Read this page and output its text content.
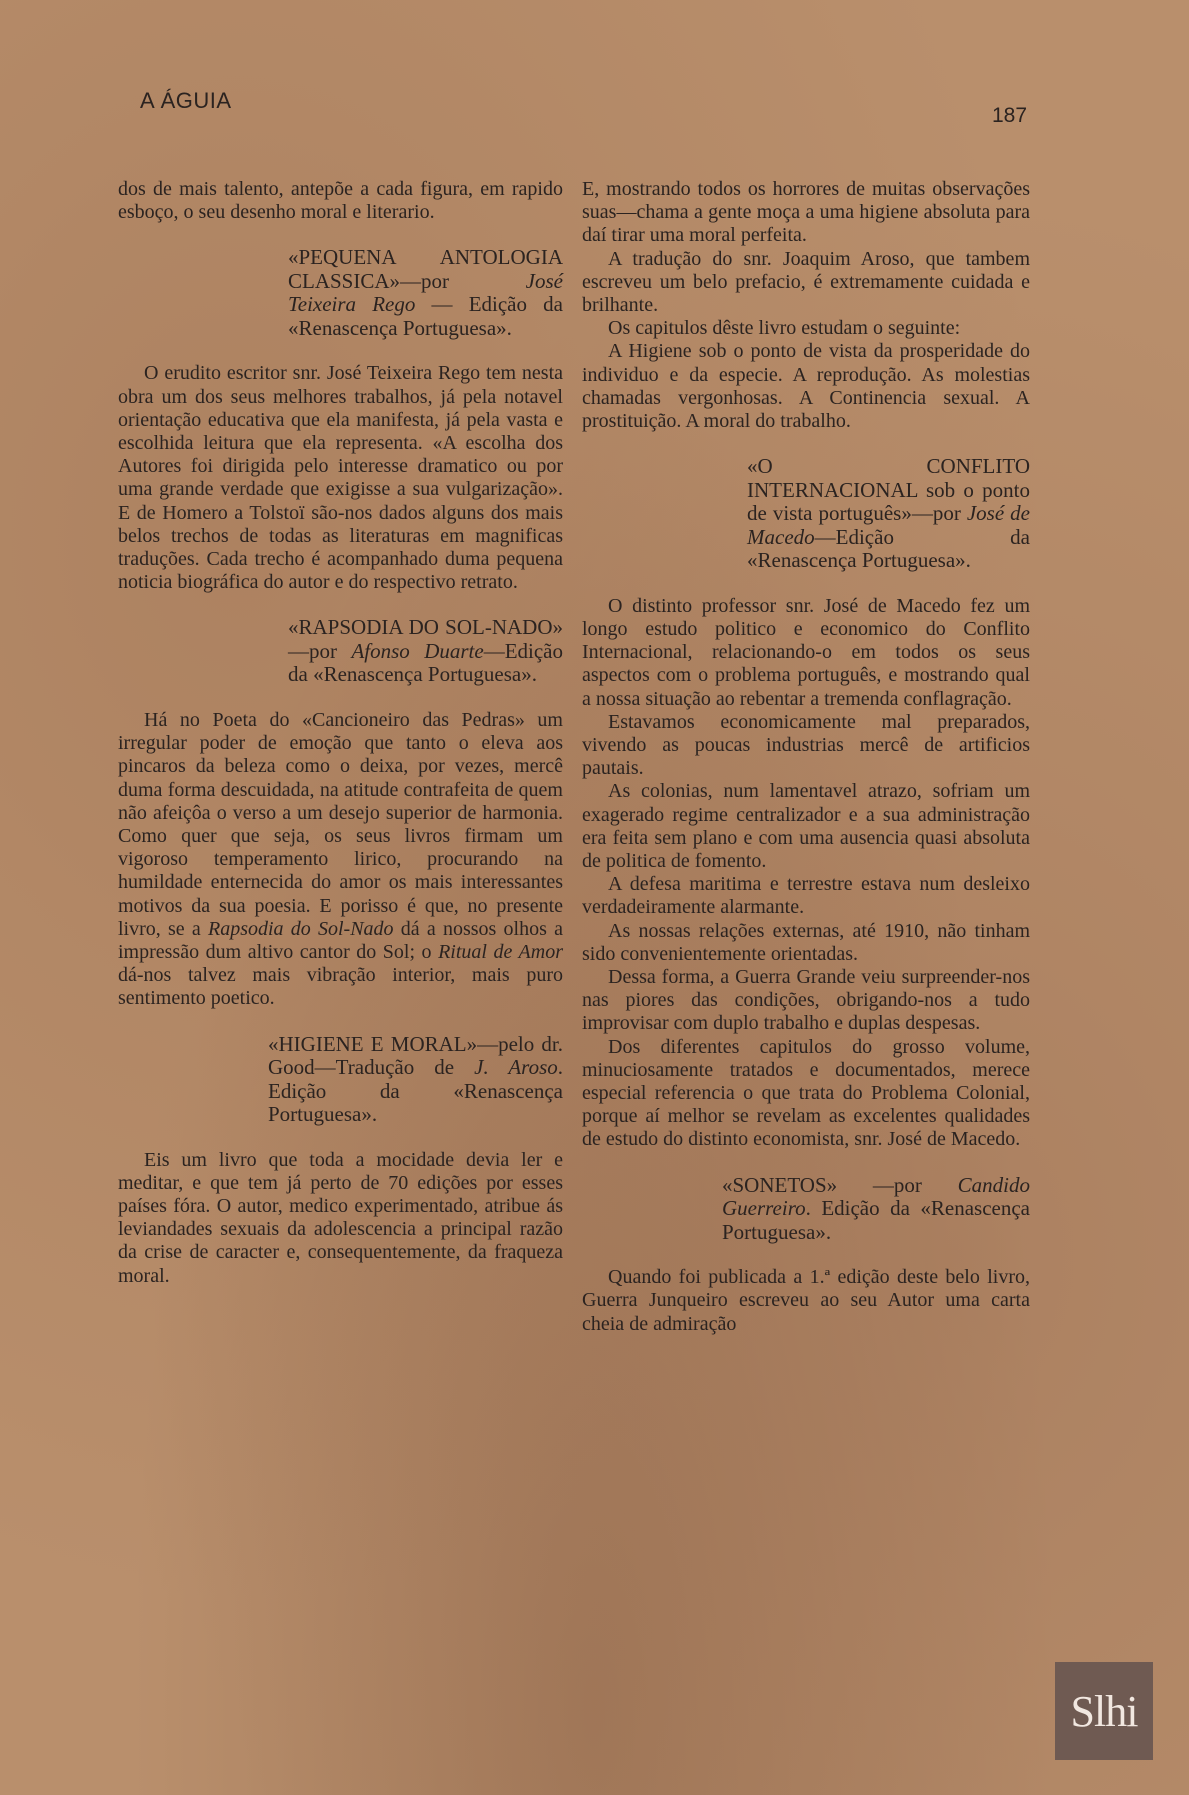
A ÁGUIA
187

dos de mais talento, antepõe a cada figura, em rapido esboço, o seu desenho moral e literario.

«PEQUENA ANTOLOGIA CLASSICA»—por José Teixeira Rego — Edição da «Renascença Portuguesa».

O erudito escritor snr. José Teixeira Rego tem nesta obra um dos seus melhores trabalhos, já pela notavel orientação educativa que ela manifesta, já pela vasta e escolhida leitura que ela representa. «A escolha dos Autores foi dirigida pelo interesse dramatico ou por uma grande verdade que exigisse a sua vulgarização». E de Homero a Tolstoï são-nos dados alguns dos mais belos trechos de todas as literaturas em magnificas traduções. Cada trecho é acompanhado duma pequena noticia biográfica do autor e do respectivo retrato.

«RAPSODIA DO SOL-NADO» —por Afonso Duarte—Edição da «Renascença Portuguesa».

Há no Poeta do «Cancioneiro das Pedras» um irregular poder de emoção que tanto o eleva aos pincaros da beleza como o deixa, por vezes, mercê duma forma descuidada, na atitude contrafeita de quem não afeiçôa o verso a um desejo superior de harmonia. Como quer que seja, os seus livros firmam um vigoroso temperamento lirico, procurando na humildade enternecida do amor os mais interessantes motivos da sua poesia. E porisso é que, no presente livro, se a Rapsodia do Sol-Nado dá a nossos olhos a impressão dum altivo cantor do Sol; o Ritual de Amor dá-nos talvez mais vibração interior, mais puro sentimento poetico.

«HIGIENE E MORAL»—pelo dr. Good—Tradução de J. Aroso. Edição da «Renascença Portuguesa».

Eis um livro que toda a mocidade devia ler e meditar, e que tem já perto de 70 edições por esses países fóra. O autor, medico experimentado, atribue ás leviandades sexuais da adolescencia a principal razão da crise de caracter e, consequentemente, da fraqueza moral.

E, mostrando todos os horrores de muitas observações suas—chama a gente moça a uma higiene absoluta para daí tirar uma moral perfeita.

A tradução do snr. Joaquim Aroso, que tambem escreveu um belo prefacio, é extremamente cuidada e brilhante.

Os capitulos dêste livro estudam o seguinte:

A Higiene sob o ponto de vista da prosperidade do individuo e da especie. A reprodução. As molestias chamadas vergonhosas. A Continencia sexual. A prostituição. A moral do trabalho.

«O CONFLITO INTERNACIONAL sob o ponto de vista português»—por José de Macedo—Edição da «Renascença Portuguesa».

O distinto professor snr. José de Macedo fez um longo estudo politico e economico do Conflito Internacional, relacionando-o em todos os seus aspectos com o problema português, e mostrando qual a nossa situação ao rebentar a tremenda conflagração.

Estavamos economicamente mal preparados, vivendo as poucas industrias mercê de artificios pautais.

As colonias, num lamentavel atrazo, sofriam um exagerado regime centralizador e a sua administração era feita sem plano e com uma ausencia quasi absoluta de politica de fomento.

A defesa maritima e terrestre estava num desleixo verdadeiramente alarmante.

As nossas relações externas, até 1910, não tinham sido convenientemente orientadas.

Dessa forma, a Guerra Grande veiu surpreender-nos nas piores das condições, obrigando-nos a tudo improvisar com duplo trabalho e duplas despesas.

Dos diferentes capitulos do grosso volume, minuciosamente tratados e documentados, merece especial referencia o que trata do Problema Colonial, porque aí melhor se revelam as excelentes qualidades de estudo do distinto economista, snr. José de Macedo.

«SONETOS» —por Candido Guerreiro. Edição da «Renascença Portuguesa».

Quando foi publicada a 1.ª edição deste belo livro, Guerra Junqueiro escreveu ao seu Autor uma carta cheia de admiração

Slhi
